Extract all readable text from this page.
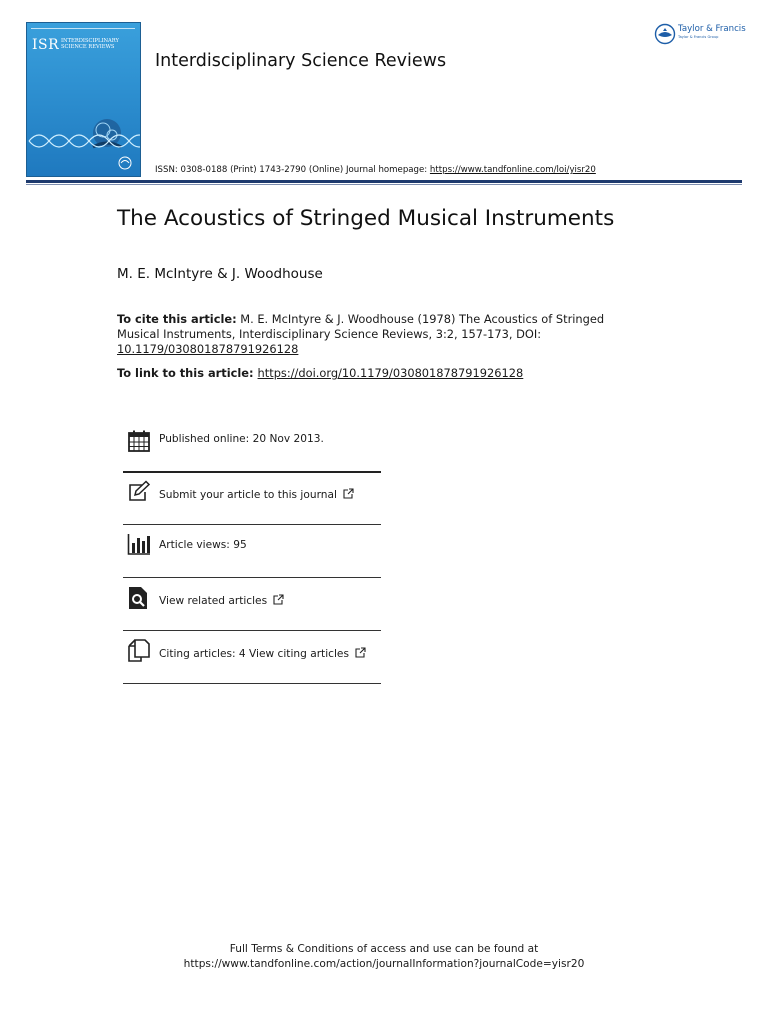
ISR INTERDISCIPLINARY
SCIENCE REVIEWS
Interdisciplinary Science Reviews
Taylor & Francis
Taylor & Francis Group
ISSN: 0308-0188 (Print) 1743-2790 (Online) Journal homepage: https://www.tandfonline.com/loi/yisr20
The Acoustics of Stringed Musical Instruments
M. E. McIntyre & J. Woodhouse
To cite this article: M. E. McIntyre & J. Woodhouse (1978) The Acoustics of Stringed Musical Instruments, Interdisciplinary Science Reviews, 3:2, 157-173, DOI: 10.1179/030801878791926128
To link to this article: https://doi.org/10.1179/030801878791926128
Published online: 20 Nov 2013.
Submit your article to this journal
Article views: 95
View related articles
Citing articles: 4 View citing articles
Full Terms & Conditions of access and use can be found at
https://www.tandfonline.com/action/journalInformation?journalCode=yisr20
